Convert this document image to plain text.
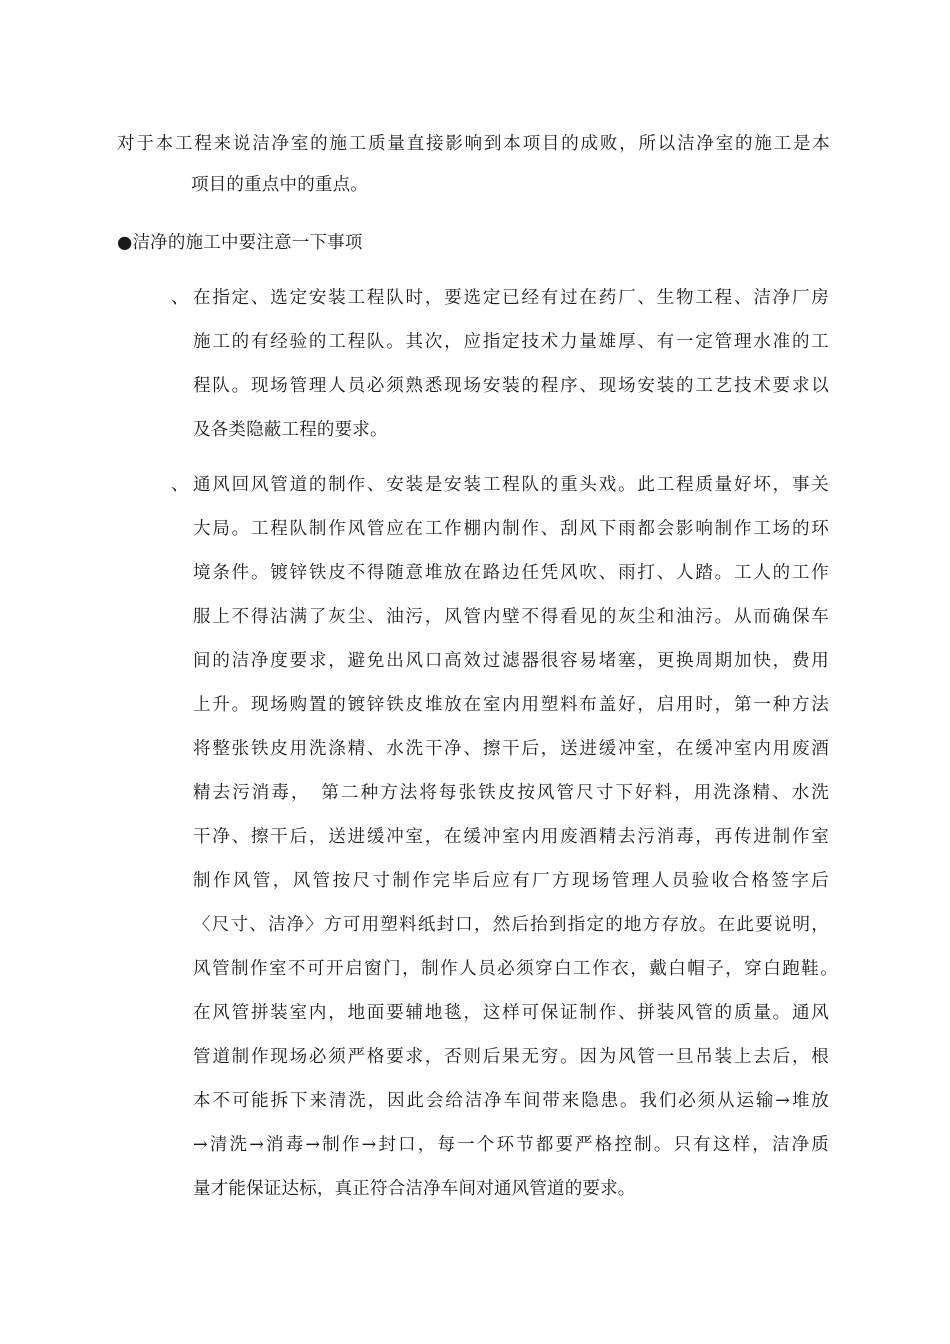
对于本工程来说洁净室的施工质量直接影响到本项目的成败，所以洁净室的施工是本
项目的重点中的重点。
●洁净的施工中要注意一下事项
、 在指定、选定安装工程队时，要选定已经有过在药厂、生物工程、洁净厂房
施工的有经验的工程队。其次，应指定技术力量雄厚、有一定管理水准的工
程队。现场管理人员必须熟悉现场安装的程序、现场安装的工艺技术要求以
及各类隐蔽工程的要求。
、 通风回风管道的制作、安装是安装工程队的重头戏。此工程质量好坏，事关
大局。工程队制作风管应在工作棚内制作、刮风下雨都会影响制作工场的环
境条件。镀锌铁皮不得随意堆放在路边任凭风吹、雨打、人踏。工人的工作
服上不得沾满了灰尘、油污，风管内壁不得看见的灰尘和油污。从而确保车
间的洁净度要求，避免出风口高效过滤器很容易堵塞，更换周期加快，费用
上升。现场购置的镀锌铁皮堆放在室内用塑料布盖好，启用时，第一种方法
将整张铁皮用洗涤精、水洗干净、擦干后，送进缓冲室，在缓冲室内用废酒
精去污消毒，　第二种方法将每张铁皮按风管尺寸下好料，用洗涤精、水洗
干净、擦干后，送进缓冲室，在缓冲室内用废酒精去污消毒，再传进制作室
制作风管，风管按尺寸制作完毕后应有厂方现场管理人员验收合格签字后
〈尺寸、洁净〉方可用塑料纸封口，然后抬到指定的地方存放。在此要说明，
风管制作室不可开启窗门，制作人员必须穿白工作衣，戴白帽子，穿白跑鞋。
在风管拼装室内，地面要辅地毯，这样可保证制作、拼装风管的质量。通风
管道制作现场必须严格要求，否则后果无穷。因为风管一旦吊装上去后，根
本不可能拆下来清洗，因此会给洁净车间带来隐患。我们必须从运输→堆放
→清洗→消毒→制作→封口，每一个环节都要严格控制。只有这样，洁净质
量才能保证达标，真正符合洁净车间对通风管道的要求。
